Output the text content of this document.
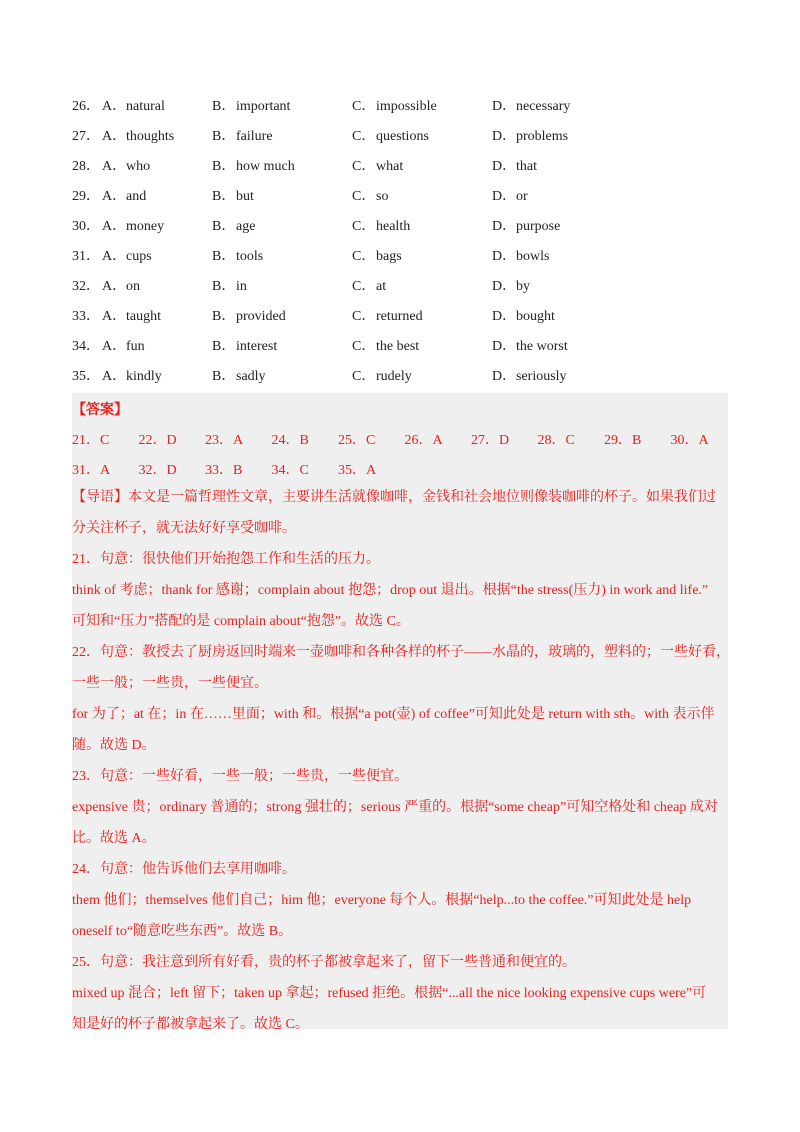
26． A． natural	B． important	C． impossible	D． necessary
27． A． thoughts	B． failure	C． questions	D． problems
28． A． who	B． how much	C． what	D． that
29． A． and	B． but	C． so	D． or
30． A． money	B． age	C． health	D． purpose
31． A． cups	B． tools	C． bags	D． bowls
32． A． on	B． in	C． at	D． by
33． A． taught	B． provided	C． returned	D． bought
34． A． fun	B． interest	C． the best	D． the worst
35． A． kindly	B． sadly	C． rudely	D． seriously
【答案】
21．C	22．D	23．A	24．B	25．C	26．A	27．D	28．C	29．B	30．A
31．A	32．D	33．B	34．C	35．A
【导语】本文是一篇哲理性文章，主要讲生活就像咖啡，金钱和社会地位则像装咖啡的杯子。如果我们过
分关注杯子，就无法好好享受咖啡。
21．句意：很快他们开始抱怨工作和生活的压力。
think of 考虑；thank for 感谢；complain about 抱怨；drop out 退出。根据“the stress(压力) in work and life.”
可知和“压力”搭配的是 complain about“抱怨”。故选 C。
22．句意：教授去了厨房返回时端来一壶咖啡和各种各样的杯子——水晶的，玻璃的，塑料的；一些好看，
一些一般；一些贵，一些便宜。
for 为了；at 在；in 在……里面；with 和。根据“a pot(壶) of coffee”可知此处是 return with sth。with 表示伴
随。故选 D。
23．句意：一些好看，一些一般；一些贵，一些便宜。
expensive 贵；ordinary 普通的；strong 强壮的；serious 严重的。根据“some cheap”可知空格处和 cheap 成对
比。故选 A。
24．句意：他告诉他们去享用咖啡。
them 他们；themselves 他们自己；him 他；everyone 每个人。根据“help...to the coffee.”可知此处是 help
oneself to“随意吃些东西”。故选 B。
25．句意：我注意到所有好看，贵的杯子都被拿起来了，留下一些普通和便宜的。
mixed up 混合；left 留下；taken up 拿起；refused 拒绝。根据“...all the nice looking expensive cups were”可
知是好的杯子都被拿起来了。故选 C。
